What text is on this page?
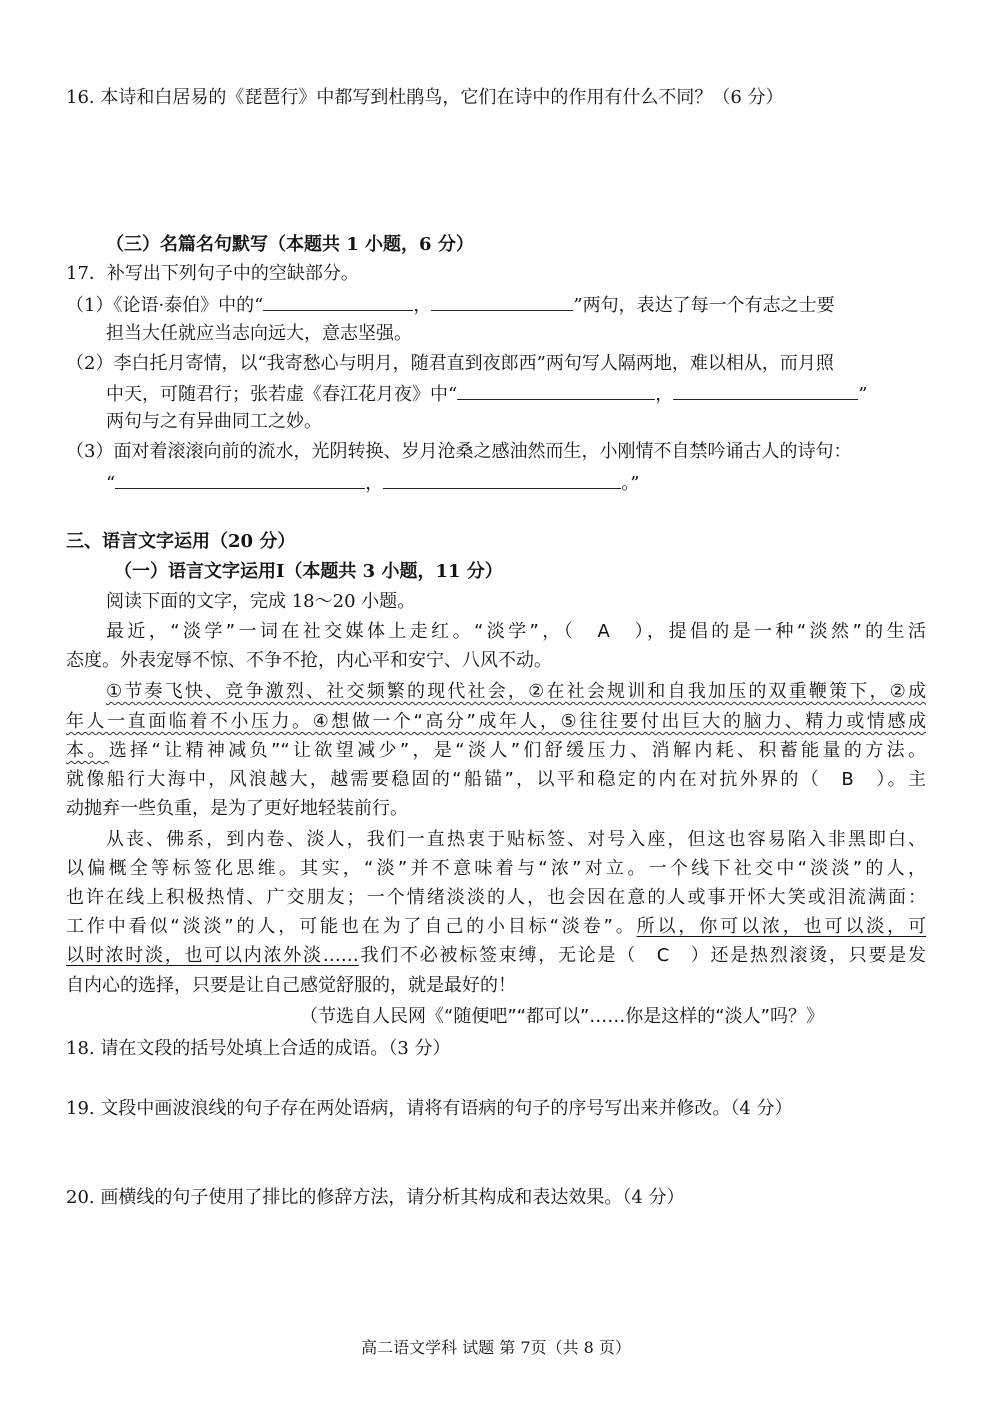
16. 本诗和白居易的《琵琶行》中都写到杜鹃鸟，它们在诗中的作用有什么不同？（6 分）
（三）名篇名句默写（本题共 1 小题，6 分）
17．补写出下列句子中的空缺部分。
（1）《论语·泰伯》中的“	，	”两句，表达了每一个有志之士要
担当大任就应当志向远大，意志坚强。
（2）李白托月寄情，以“我寄愁心与明月，随君直到夜郎西”两句写人隔两地，难以相从，而月照
中天，可随君行；张若虚《春江花月夜》中“	，	”
两句与之有异曲同工之妙。
（3）面对着滚滚向前的流水，光阴转换、岁月沧桑之感油然而生，小刚情不自禁吟诵古人的诗句：
“	，	。”
三、语言文字运用（20 分）
（一）语言文字运用Ⅰ（本题共 3 小题，11 分）
阅读下面的文字，完成 18～20 小题。
最近，“淡学”一词在社交媒体上走红。“淡学”，（　A　），提倡的是一种“淡然”的生活
态度。外表宠辱不惊、不争不抢，内心平和安宁、八风不动。
①节奏飞快、竞争激烈、社交频繁的现代社会，②在社会规训和自我加压的双重鞭策下，②成
年人一直面临着不小压力。④想做一个“高分”成年人，⑤往往要付出巨大的脑力、精力或情感成
本。选择“让精神减负”“让欲望减少”，是“淡人”们舒缓压力、消解内耗、积蓄能量的方法。
就像船行大海中，风浪越大，越需要稳固的“船锚”，以平和稳定的内在对抗外界的（　B　）。主
动抛弃一些负重，是为了更好地轻装前行。
从丧、佛系，到内卷、淡人，我们一直热衷于贴标签、对号入座，但这也容易陷入非黑即白、
以偏概全等标签化思维。其实，“淡”并不意味着与“浓”对立。一个线下社交中“淡淡”的人，
也许在线上积极热情、广交朋友；一个情绪淡淡的人，也会因在意的人或事开怀大笑或泪流满面：
工作中看似“淡淡”的人，可能也在为了自己的小目标“淡卷”。所以，你可以浓，也可以淡，可
以时浓时淡，也可以内浓外淡……我们不必被标签束缚，无论是（　C　）还是热烈滚烫，只要是发
自内心的选择，只要是让自己感觉舒服的，就是最好的！
（节选自人民网《“随便吧”“都可以”……你是这样的“淡人”吗？》
18. 请在文段的括号处填上合适的成语。（3 分）
19. 文段中画波浪线的句子存在两处语病，请将有语病的句子的序号写出来并修改。（4 分）
20. 画横线的句子使用了排比的修辞方法，请分析其构成和表达效果。（4 分）
高二语文学科 试题 第 7页（共 8 页）
